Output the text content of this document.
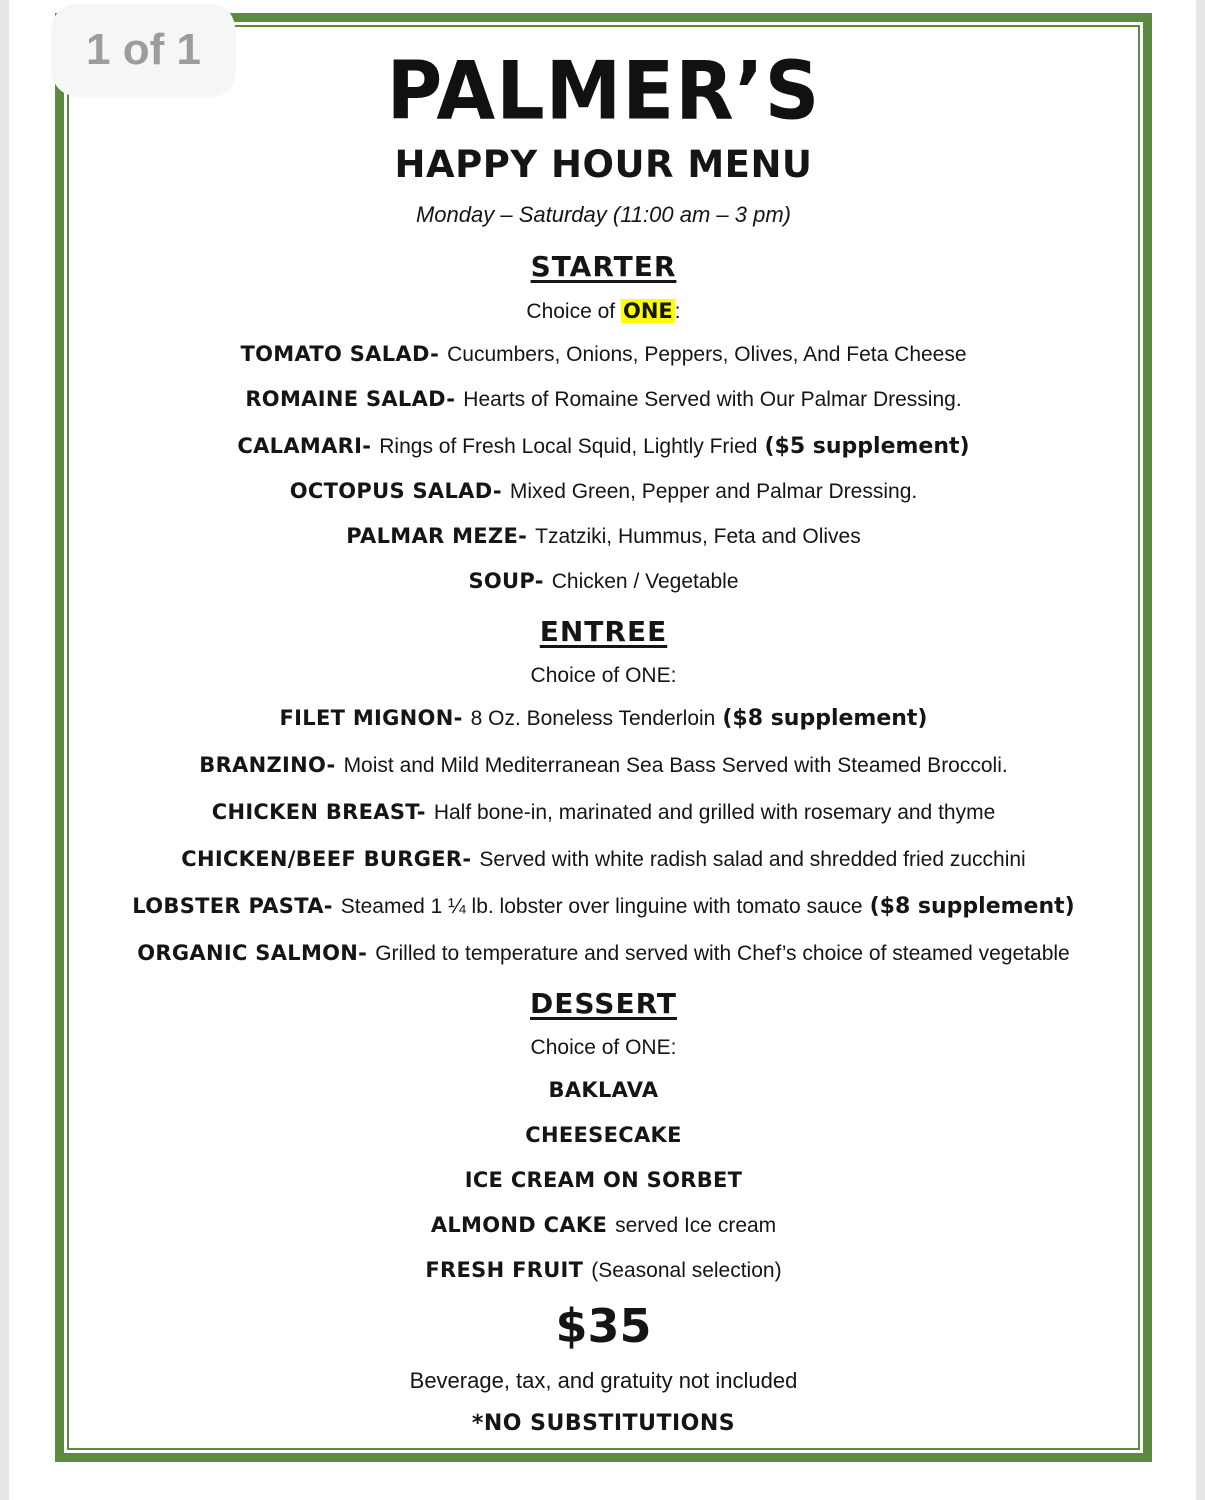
PALMER’S
HAPPY HOUR MENU
Monday – Saturday (11:00 am – 3 pm)
STARTER
Choice of ONE:
TOMATO SALAD- Cucumbers, Onions, Peppers, Olives, And Feta Cheese
ROMAINE SALAD- Hearts of Romaine Served with Our Palmar Dressing.
CALAMARI- Rings of Fresh Local Squid, Lightly Fried ($5 supplement)
OCTOPUS SALAD- Mixed Green, Pepper and Palmar Dressing.
PALMAR MEZE- Tzatziki, Hummus, Feta and Olives
SOUP- Chicken / Vegetable
ENTREE
Choice of ONE:
FILET MIGNON- 8 Oz. Boneless Tenderloin ($8 supplement)
BRANZINO- Moist and Mild Mediterranean Sea Bass Served with Steamed Broccoli.
CHICKEN BREAST- Half bone-in, marinated and grilled with rosemary and thyme
CHICKEN/BEEF BURGER- Served with white radish salad and shredded fried zucchini
LOBSTER PASTA- Steamed 1 ¼ lb. lobster over linguine with tomato sauce ($8 supplement)
ORGANIC SALMON- Grilled to temperature and served with Chef’s choice of steamed vegetable
DESSERT
Choice of ONE:
BAKLAVA
CHEESECAKE
ICE CREAM ON SORBET
ALMOND CAKE served Ice cream
FRESH FRUIT (Seasonal selection)
$35
Beverage, tax, and gratuity not included
*NO SUBSTITUTIONS
1 of 1
